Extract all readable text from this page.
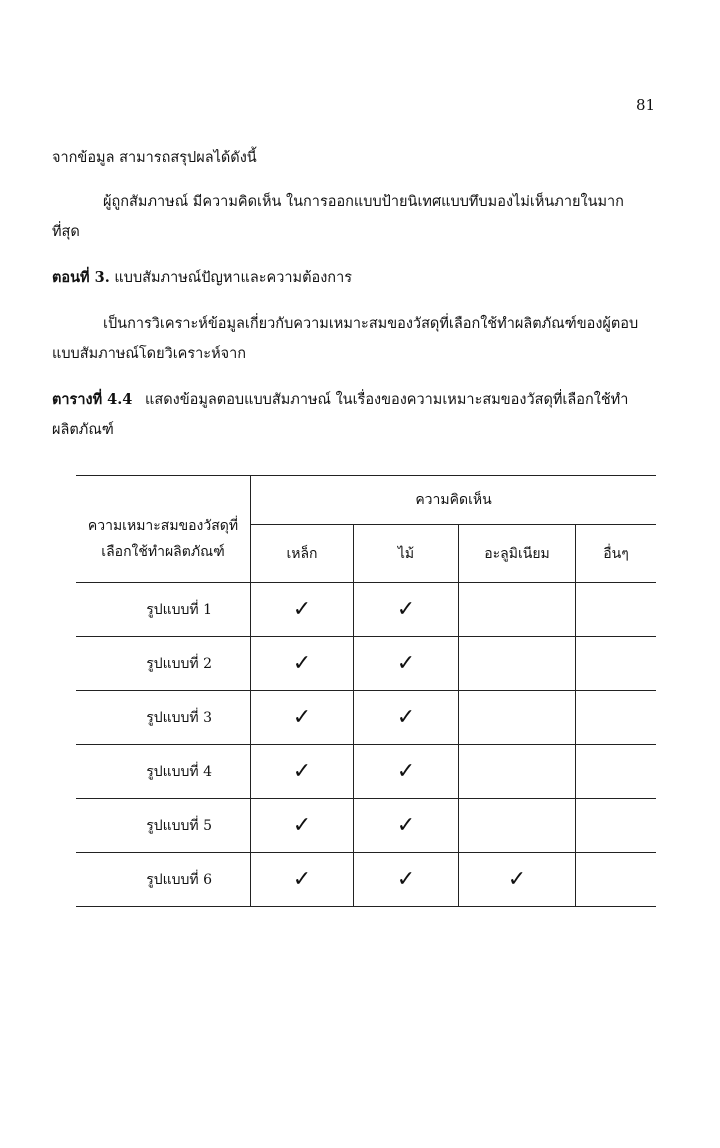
81
จากข้อมูล สามารถสรุปผลได้ดังนี้
ผู้ถูกสัมภาษณ์ มีความคิดเห็น ในการออกแบบป้ายนิเทศแบบทึบมองไม่เห็นภายในมาก
ที่สุด
ตอนที่ 3. แบบสัมภาษณ์ปัญหาและความต้องการ
เป็นการวิเคราะห์ข้อมูลเกี่ยวกับความเหมาะสมของวัสดุที่เลือกใช้ทำผลิตภัณฑ์ของผู้ตอบ
แบบสัมภาษณ์โดยวิเคราะห์จาก
ตารางที่ 4.4 แสดงข้อมูลตอบแบบสัมภาษณ์ ในเรื่องของความเหมาะสมของวัสดุที่เลือกใช้ทำ
ผลิตภัณฑ์
ความเหมาะสมของวัสดุที่เลือกใช้ทำผลิตภัณฑ์	ความคิดเห็น			
	เหล็ก	ไม้	อะลูมิเนียม	อื่นๆ
รูปแบบที่ 1	✓	✓		
รูปแบบที่ 2	✓	✓		
รูปแบบที่ 3	✓	✓		
รูปแบบที่ 4	✓	✓		
รูปแบบที่ 5	✓	✓		
รูปแบบที่ 6	✓	✓	✓	
